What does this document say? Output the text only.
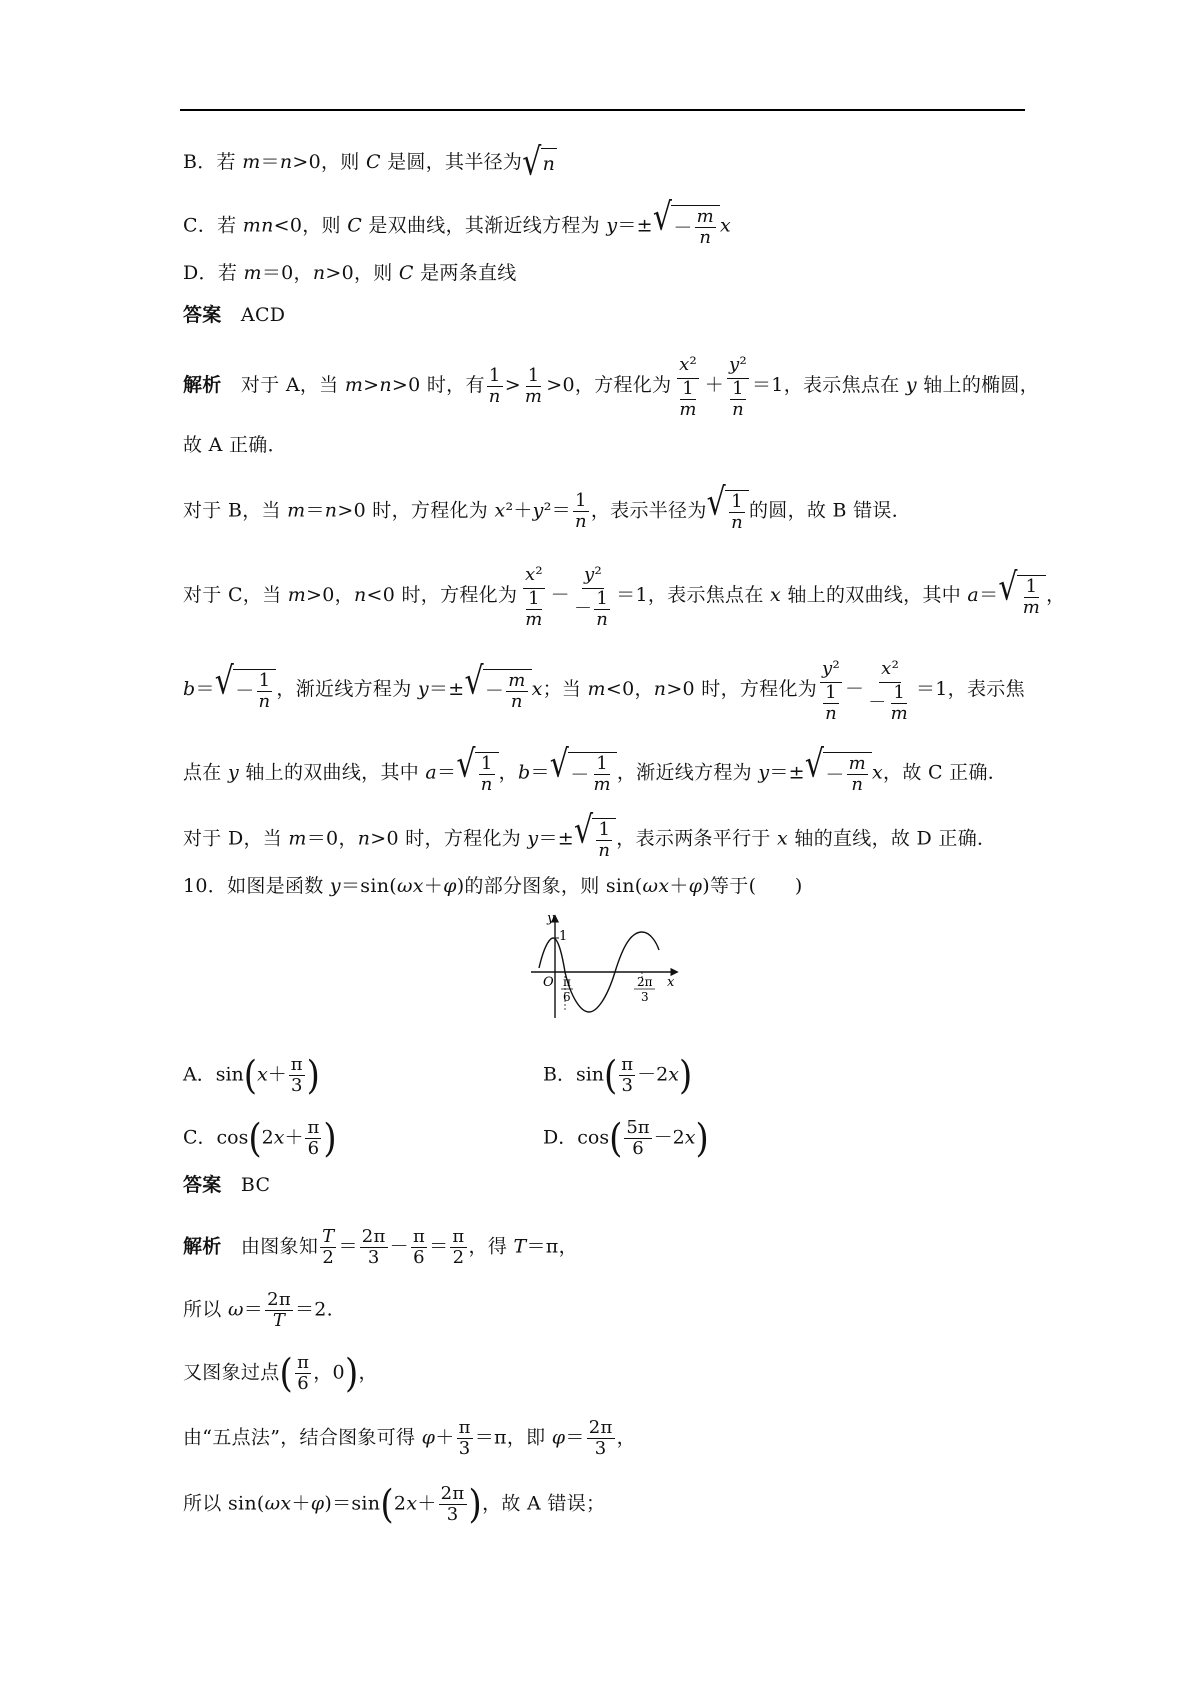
B．若 m＝n>0，则 C 是圆，其半径为 √ n
C．若 mn<0，则 C 是双曲线，其渐近线方程为 y＝± √ － $\frac{m}{n}$ x
D．若 m＝0，n>0，则 C 是两条直线
答案　 ACD
解析　对于 A，当 m>n>0 时，有 $\frac{1}{n} > \frac{1}{m} >0$，方程化为 $\frac{\text{x²}}{\frac{1}{m}} + \frac{\text{y²}}{\frac{1}{n}} =1$，表示焦点在 y 轴上的椭圆，
故 A 正确．
对于 B，当 m＝n>0 时，方程化为 $x^2+y^2= \frac{1}{n}$ ，表示半径为 √ $\frac{1}{n}$ 的圆，故 B 错误．
对于 C，当 m>0，n<0 时，方程化为 $\frac{\text{x²}}{\frac{1}{m}} - \frac{\text{y²}}{- \frac{1}{n}} =1$，表示焦点在 x 轴上的双曲线，其中 a＝ √ $\frac{1}{m}$ ，
b＝ √ － $\frac{1}{n}$ ，渐近线方程为 y＝± √ － $\frac{m}{n}$ x；当 m<0，n>0 时，方程化为 $\frac{\text{y²}}{\frac{1}{n}} - \frac{\text{x²}}{- \frac{1}{m}} =1$，表示焦
点在 y 轴上的双曲线，其中 a＝ √ $\frac{1}{n}$ ，b＝ √ － $\frac{1}{m}$ ，渐近线方程为 y＝± √ － $\frac{m}{n}$ x，故 C 正确．
对于 D，当 m＝0，n>0 时，方程化为 y＝± √ $\frac{1}{n}$ ，表示两条平行于 x 轴的直线，故 D 正确．
10．如图是函数 y＝sin(ωx＋φ)的部分图象，则 sin(ωx＋φ)等于(　　)
y
1
O	x
π
6
2π
3
A．$\sin(x+ \frac{\pi}{3}$ )	B．$\sin( \frac{\pi}{3} -2x)$
C．$\cos(2x+ \frac{\pi}{6}$ )	D．$\cos( \frac{5\pi}{6} -2x)$
答案　 BC
解析　 由图象知 $\frac{T}{2} = \frac{2\pi}{3} - \frac{\pi}{6} = \frac{\pi}{2}$ ，得 T＝π，
所以 $\omega= \frac{2\pi}{T} =2$.
又图象过点( $\frac{\pi}{6}$ ，0)，
由“五点法”，结合图象可得 $\varphi+ \frac{\pi}{3} =\pi$，即 $\varphi= \frac{2\pi}{3}$ ，
所以 $\sin(\omega x+\varphi)=\sin(2x+ \frac{2\pi}{3}$ )，故 A 错误；
